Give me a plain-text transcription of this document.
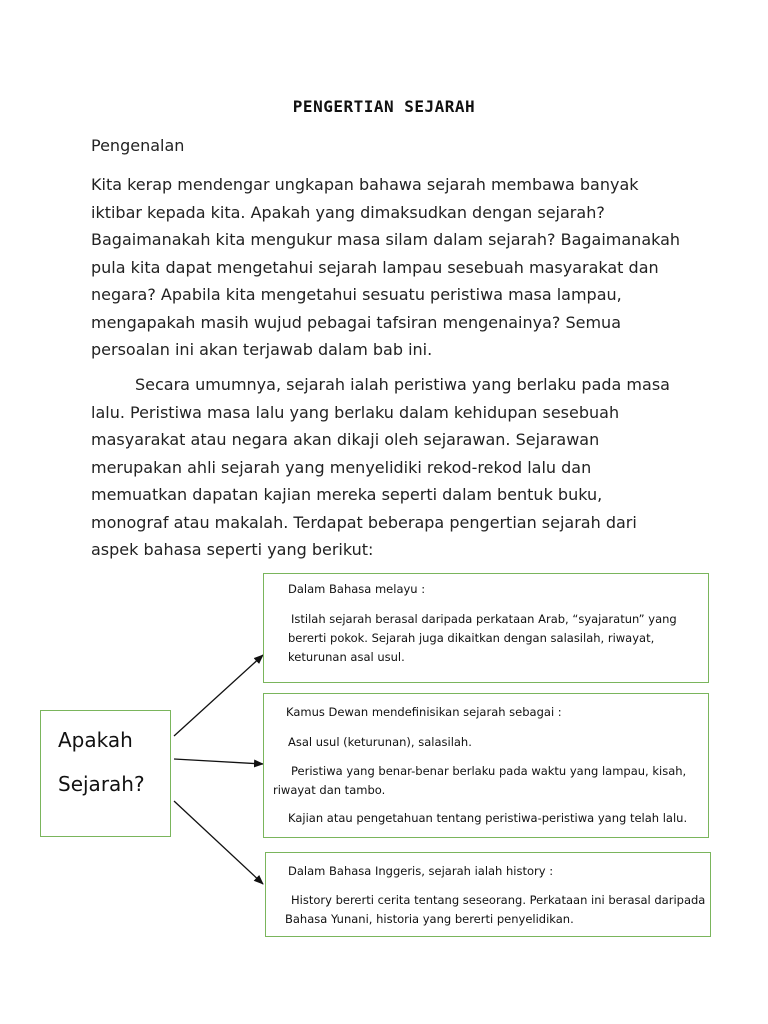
PENGERTIAN SEJARAH
Pengenalan
Kita kerap mendengar ungkapan bahawa sejarah membawa banyak
iktibar kepada kita. Apakah yang dimaksudkan dengan sejarah?
Bagaimanakah kita mengukur masa silam dalam sejarah? Bagaimanakah
pula kita dapat mengetahui sejarah lampau sesebuah masyarakat dan
negara? Apabila kita mengetahui sesuatu peristiwa masa lampau,
mengapakah masih wujud pebagai tafsiran mengenainya? Semua
persoalan ini akan terjawab dalam bab ini.
Secara umumnya, sejarah ialah peristiwa yang berlaku pada masa
lalu. Peristiwa masa lalu yang berlaku dalam kehidupan sesebuah
masyarakat atau negara akan dikaji oleh sejarawan. Sejarawan
merupakan ahli sejarah yang menyelidiki rekod-rekod lalu dan
memuatkan dapatan kajian mereka seperti dalam bentuk buku,
monograf atau makalah. Terdapat beberapa pengertian sejarah dari
aspek bahasa seperti yang berikut:
Apakah
Sejarah?
Dalam Bahasa melayu :
Istilah sejarah berasal daripada perkataan Arab, “syajaratun” yang
bererti pokok. Sejarah juga dikaitkan dengan salasilah, riwayat,
keturunan asal usul.
Kamus Dewan mendefinisikan sejarah sebagai :
Asal usul (keturunan), salasilah.
Peristiwa yang benar-benar berlaku pada waktu yang lampau, kisah,
riwayat dan tambo.
Kajian atau pengetahuan tentang peristiwa-peristiwa yang telah lalu.
Dalam Bahasa Inggeris, sejarah ialah history :
History bererti cerita tentang seseorang. Perkataan ini berasal daripada
Bahasa Yunani, historia yang bererti penyelidikan.
